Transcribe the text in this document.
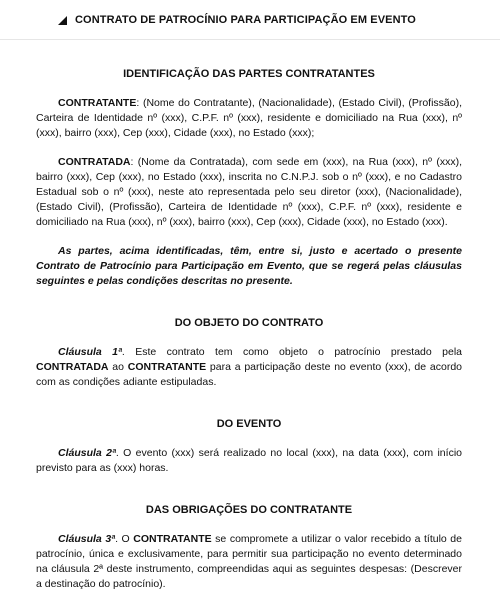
CONTRATO DE PATROCÍNIO PARA PARTICIPAÇÃO EM EVENTO
IDENTIFICAÇÃO DAS PARTES CONTRATANTES

CONTRATANTE: (Nome do Contratante), (Nacionalidade), (Estado Civil), (Profissão), Carteira de Identidade nº (xxx), C.P.F. nº (xxx), residente e domiciliado na Rua (xxx), nº (xxx), bairro (xxx), Cep (xxx), Cidade (xxx), no Estado (xxx);

CONTRATADA: (Nome da Contratada), com sede em (xxx), na Rua (xxx), nº (xxx), bairro (xxx), Cep (xxx), no Estado (xxx), inscrita no C.N.P.J. sob o nº (xxx), e no Cadastro Estadual sob o nº (xxx), neste ato representada pelo seu diretor (xxx), (Nacionalidade), (Estado Civil), (Profissão), Carteira de Identidade nº (xxx), C.P.F. nº (xxx), residente e domiciliado na Rua (xxx), nº (xxx), bairro (xxx), Cep (xxx), Cidade (xxx), no Estado (xxx).

As partes, acima identificadas, têm, entre si, justo e acertado o presente Contrato de Patrocínio para Participação em Evento, que se regerá pelas cláusulas seguintes e pelas condições descritas no presente.

DO OBJETO DO CONTRATO

Cláusula 1ª. Este contrato tem como objeto o patrocínio prestado pela CONTRATADA ao CONTRATANTE para a participação deste no evento (xxx), de acordo com as condições adiante estipuladas.

DO EVENTO

Cláusula 2ª. O evento (xxx) será realizado no local (xxx), na data (xxx), com início previsto para as (xxx) horas.

DAS OBRIGAÇÕES DO CONTRATANTE

Cláusula 3ª. O CONTRATANTE se compromete a utilizar o valor recebido a título de patrocínio, única e exclusivamente, para permitir sua participação no evento determinado na cláusula 2ª deste instrumento, compreendidas aqui as seguintes despesas: (Descrever a destinação do patrocínio).
